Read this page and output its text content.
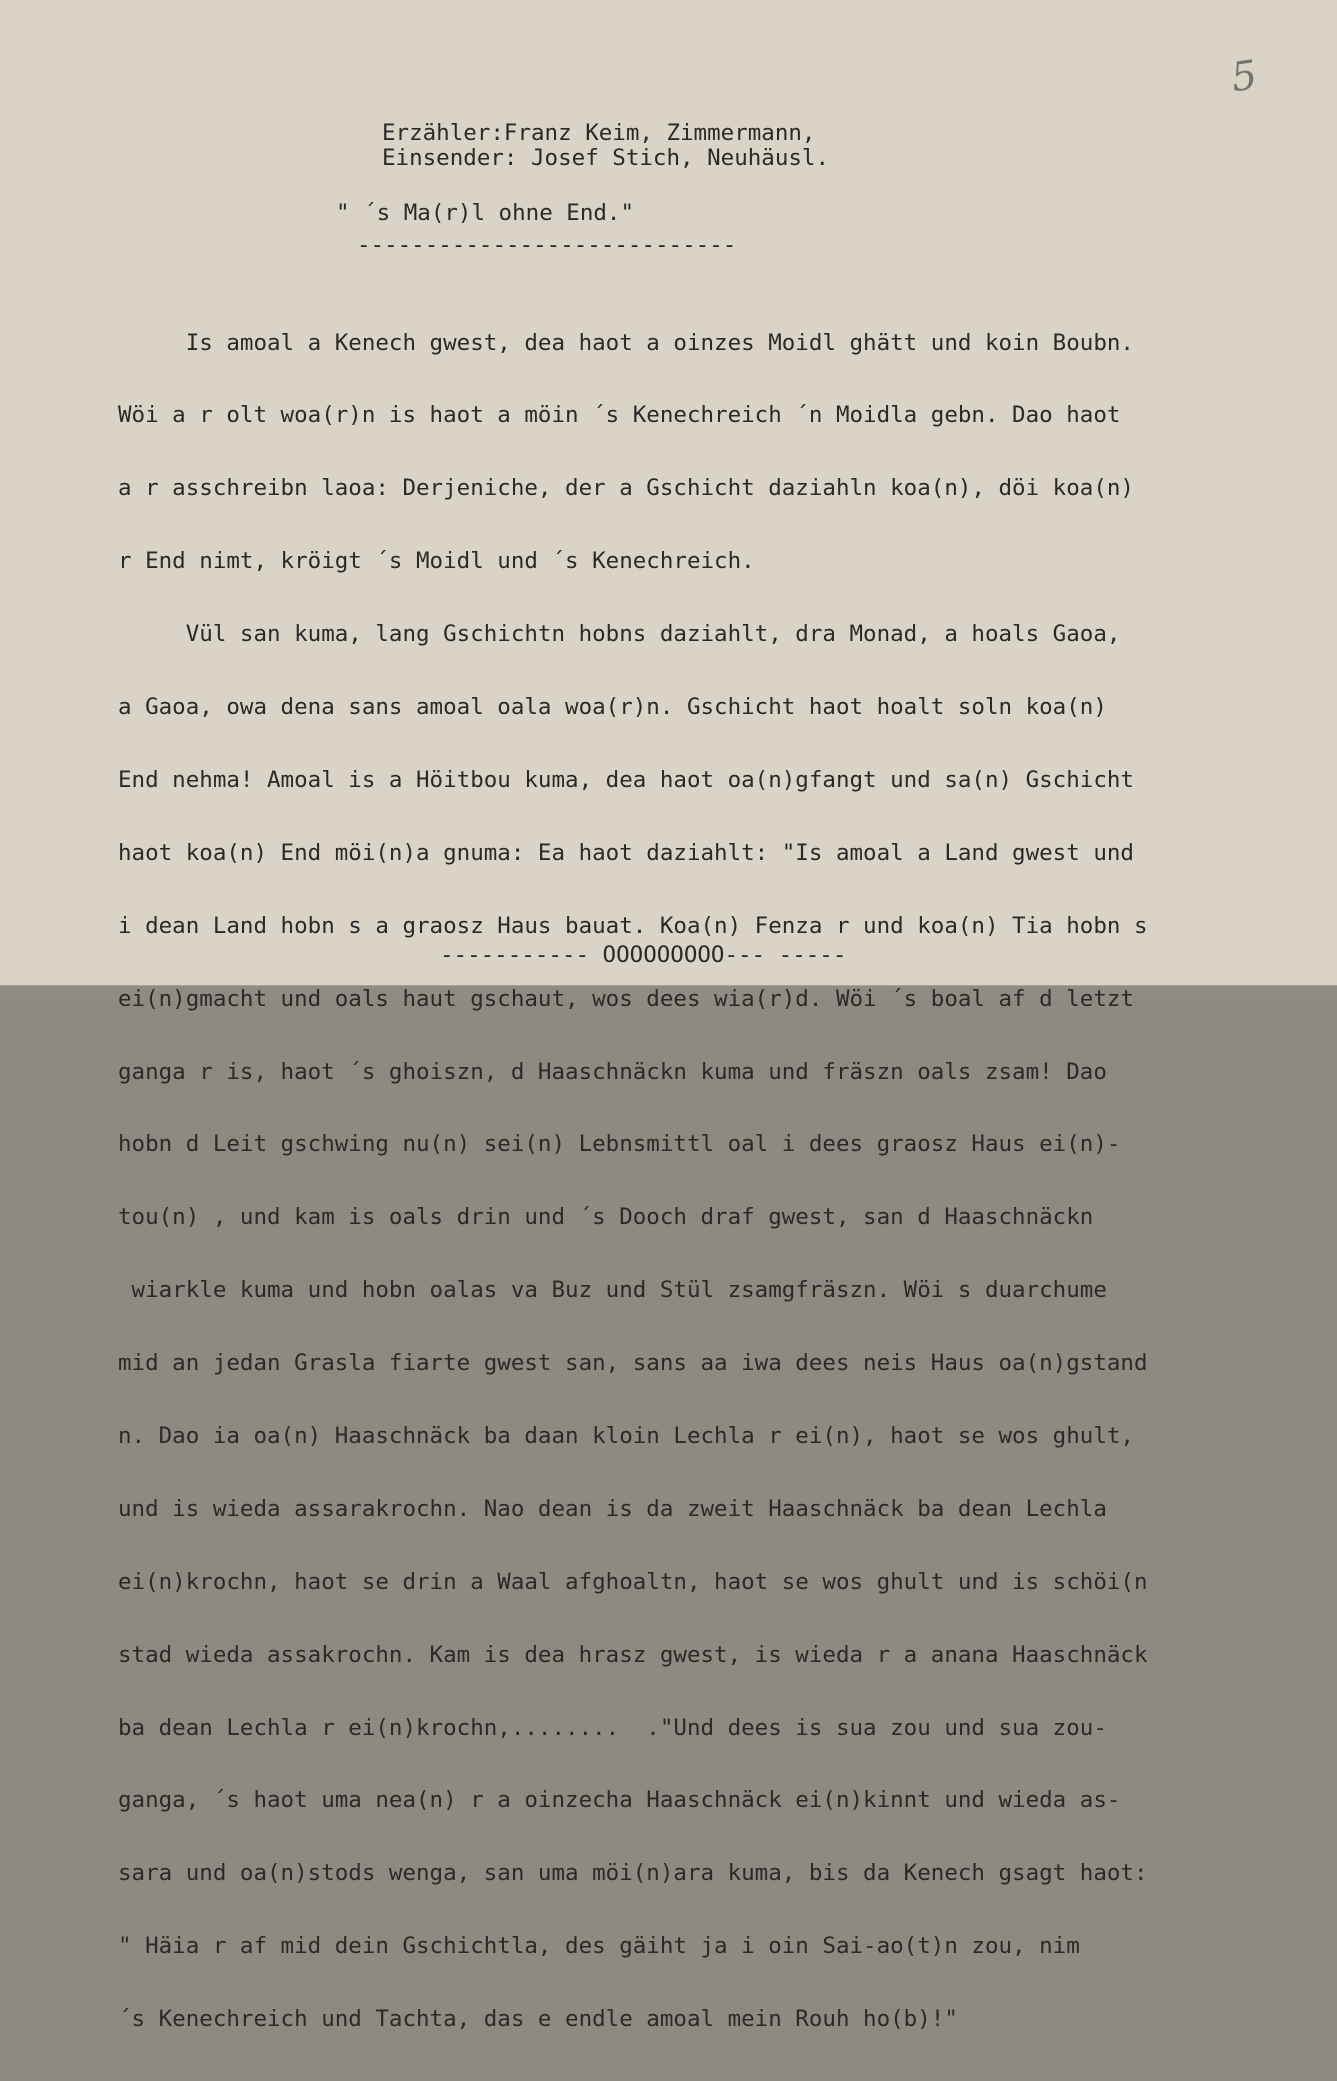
5
Erzähler:Franz Keim, Zimmermann,
Einsender: Josef Stich, Neuhäusl.
" ´s Ma(r)l ohne End."
----------------------------

Is amoal a Kenech gwest, dea haot a oinzes Moidl ghätt und koin Boubn.

Wöi a r olt woa(r)n is haot a möin ´s Kenechreich ´n Moidla gebn. Dao haot

a r asschreibn laoa: Derjeniche, der a Gschicht daziahln koa(n), döi koa(n)

r End nimt, kröigt ´s Moidl und ´s Kenechreich.

Vül san kuma, lang Gschichtn hobns daziahlt, dra Monad, a hoals Gaoa,

a Gaoa, owa dena sans amoal oala woa(r)n. Gschicht haot hoalt soln koa(n)

End nehma! Amoal is a Höitbou kuma, dea haot oa(n)gfangt und sa(n) Gschicht

haot koa(n) End möi(n)a gnuma: Ea haot daziahlt: "Is amoal a Land gwest und

i dean Land hobn s a graosz Haus bauat. Koa(n) Fenza r und koa(n) Tia hobn s

ei(n)gmacht und oals haut gschaut, wos dees wia(r)d. Wöi ´s boal af d letzt

ganga r is, haot ´s ghoiszn, d Haaschnäckn kuma und fräszn oals zsam! Dao

hobn d Leit gschwing nu(n) sei(n) Lebnsmittl oal i dees graosz Haus ei(n)-

tou(n) , und kam is oals drin und ´s Dooch draf gwest, san d Haaschnäckn

wiarkle kuma und hobn oalas va Buz und Stül zsamgfräszn. Wöi s duarchume

mid an jedan Grasla fiarte gwest san, sans aa iwa dees neis Haus oa(n)gstand

n. Dao ia oa(n) Haaschnäck ba daan kloin Lechla r ei(n), haot se wos ghult,

und is wieda assarakrochn. Nao dean is da zweit Haaschnäck ba dean Lechla

ei(n)krochn, haot se drin a Waal afghoaltn, haot se wos ghult und is schöi(n

stad wieda assakrochn. Kam is dea hrasz gwest, is wieda r a anana Haaschnäck

ba dean Lechla r ei(n)krochn,........  ."Und dees is sua zou und sua zou-

ganga, ´s haot uma nea(n) r a oinzecha Haaschnäck ei(n)kinnt und wieda as-

sara und oa(n)stods wenga, san uma möi(n)ara kuma, bis da Kenech gsagt haot:

" Häia r af mid dein Gschichtla, des gäiht ja i oin Sai-ao(t)n zou, nim

´s Kenechreich und Tachta, das e endle amoal mein Rouh ho(b)!"

----------- OOOOOOOOO--- -----
